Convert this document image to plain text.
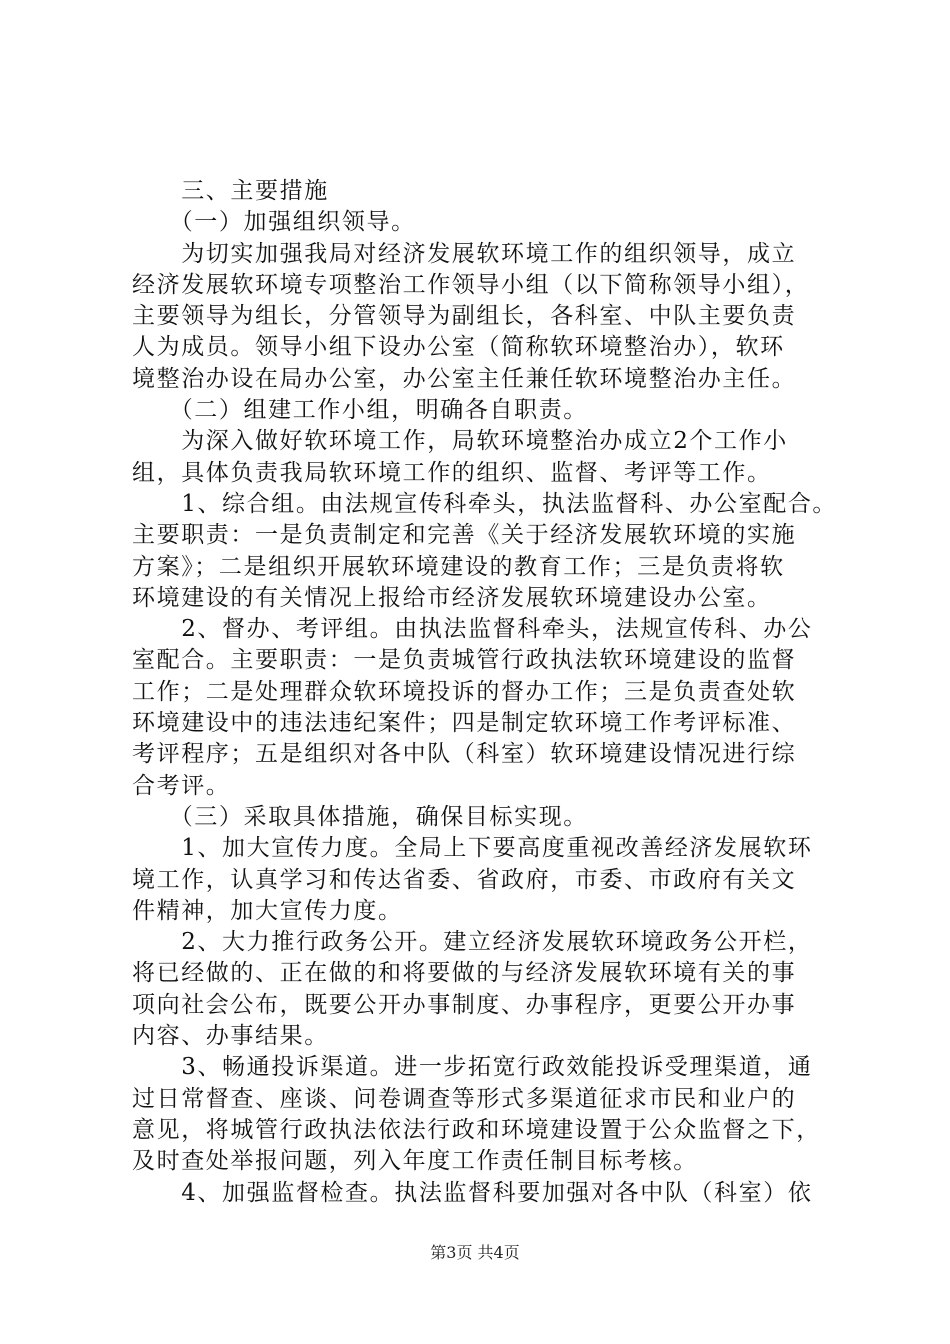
　　三、主要措施
　　（一）加强组织领导。
　　为切实加强我局对经济发展软环境工作的组织领导，成立
经济发展软环境专项整治工作领导小组（以下简称领导小组），
主要领导为组长，分管领导为副组长，各科室、中队主要负责
人为成员。领导小组下设办公室（简称软环境整治办），软环
境整治办设在局办公室，办公室主任兼任软环境整治办主任。
　　（二）组建工作小组，明确各自职责。
　　为深入做好软环境工作，局软环境整治办成立2个工作小
组，具体负责我局软环境工作的组织、监督、考评等工作。
　　1、综合组。由法规宣传科牵头，执法监督科、办公室配合。
主要职责：一是负责制定和完善《关于经济发展软环境的实施
方案》；二是组织开展软环境建设的教育工作；三是负责将软
环境建设的有关情况上报给市经济发展软环境建设办公室。
　　2、督办、考评组。由执法监督科牵头，法规宣传科、办公
室配合。主要职责：一是负责城管行政执法软环境建设的监督
工作；二是处理群众软环境投诉的督办工作；三是负责查处软
环境建设中的违法违纪案件；四是制定软环境工作考评标准、
考评程序；五是组织对各中队（科室）软环境建设情况进行综
合考评。
　　（三）采取具体措施，确保目标实现。
　　1、加大宣传力度。全局上下要高度重视改善经济发展软环
境工作，认真学习和传达省委、省政府，市委、市政府有关文
件精神，加大宣传力度。
　　2、大力推行政务公开。建立经济发展软环境政务公开栏，
将已经做的、正在做的和将要做的与经济发展软环境有关的事
项向社会公布，既要公开办事制度、办事程序，更要公开办事
内容、办事结果。
　　3、畅通投诉渠道。进一步拓宽行政效能投诉受理渠道，通
过日常督查、座谈、问卷调查等形式多渠道征求市民和业户的
意见，将城管行政执法依法行政和环境建设置于公众监督之下，
及时查处举报问题，列入年度工作责任制目标考核。
　　4、加强监督检查。执法监督科要加强对各中队（科室）依
第3页 共4页
